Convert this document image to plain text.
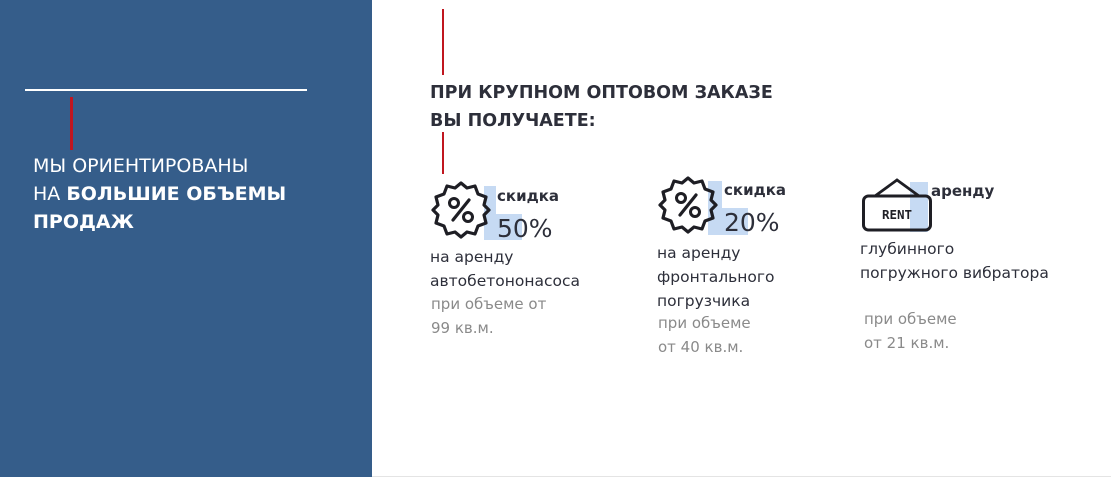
МЫ ОРИЕНТИРОВАНЫ
НА БОЛЬШИЕ ОБЪЕМЫ
ПРОДАЖ
ПРИ КРУПНОМ ОПТОВОМ ЗАКАЗЕ
ВЫ ПОЛУЧАЕТЕ:
скидка
50%
на аренду
автобетононасоса
при объеме от
99 кв.м.
скидка
20%
на аренду
фронтального
погрузчика
при объеме
от 40 кв.м.
RENT
аренду
глубинного
погружного вибратора
при объеме
от 21 кв.м.
